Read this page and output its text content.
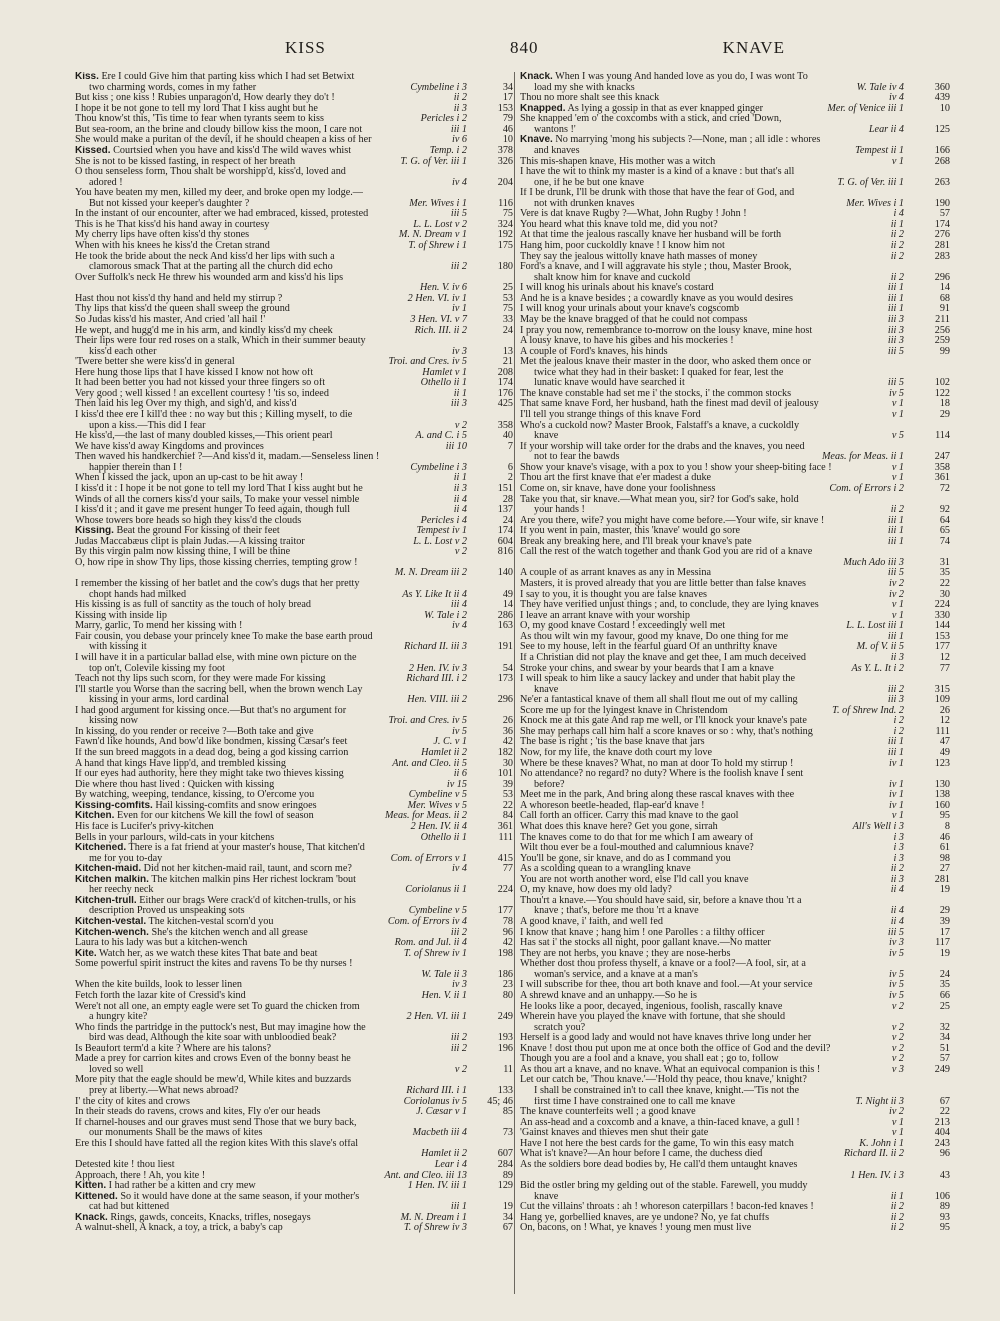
KISS	840	KNAVE
Kiss. Ere I could Give him that parting kiss which I had set Betwixt
two charming words, comes in my father	Cymbeline i 3	34
But kiss ; one kiss ! Rubies unparagon'd, How dearly they do't !	ii 2	17
I hope it be not gone to tell my lord That I kiss aught but he	ii 3	153
Thou know'st this, 'Tis time to fear when tyrants seem to kiss	Pericles i 2	79
But sea-room, an the brine and cloudy billow kiss the moon, I care not	iii 1	46
She would make a puritan of the devil, if he should cheapen a kiss of her	iv 6	10
Kissed. Courtsied when you have and kiss'd The wild waves whist	Temp. i 2	378
She is not to be kissed fasting, in respect of her breath	T. G. of Ver. iii 1	326
O thou senseless form, Thou shalt be worshipp'd, kiss'd, loved and
adored !	iv 4	204
You have beaten my men, killed my deer, and broke open my lodge.—
But not kissed your keeper's daughter ?	Mer. Wives i 1	116
In the instant of our encounter, after we had embraced, kissed, protested	iii 5	75
This is he That kiss'd his hand away in courtesy	L. L. Lost v 2	324
My cherry lips have often kiss'd thy stones	M. N. Dream v 1	192
When with his knees he kiss'd the Cretan strand	T. of Shrew i 1	175
He took the bride about the neck And kiss'd her lips with such a
clamorous smack That at the parting all the church did echo	iii 2	180
Over Suffolk's neck He threw his wounded arm and kiss'd his lips
Hen. V. iv 6	25
Hast thou not kiss'd thy hand and held my stirrup ?	2 Hen. VI. iv 1	53
Thy lips that kiss'd the queen shall sweep the ground	iv 1	75
So Judas kiss'd his master, And cried 'all hail !'	3 Hen. VI. v 7	33
He wept, and hugg'd me in his arm, and kindly kiss'd my cheek	Rich. III. ii 2	24
Their lips were four red roses on a stalk, Which in their summer beauty
kiss'd each other	iv 3	13
'Twere better she were kiss'd in general	Troi. and Cres. iv 5	21
Here hung those lips that I have kissed I know not how oft	Hamlet v 1	208
It had been better you had not kissed your three fingers so oft	Othello ii 1	174
Very good ; well kissed ! an excellent courtesy ! 'tis so, indeed	ii 1	176
Then laid his leg Over my thigh, and sigh'd, and kiss'd	iii 3	425
I kiss'd thee ere I kill'd thee : no way but this ; Killing myself, to die
upon a kiss.—This did I fear	v 2	358
He kiss'd,—the last of many doubled kisses,—This orient pearl	A. and C. i 5	40
We have kiss'd away Kingdoms and provinces	iii 10	7
Then waved his handkerchief ?—And kiss'd it, madam.—Senseless linen !
happier therein than I !	Cymbeline i 3	6
When I kissed the jack, upon an up-cast to be hit away !	ii 1	2
I kiss'd it : I hope it be not gone to tell my lord That I kiss aught but he	ii 3	151
Winds of all the corners kiss'd your sails, To make your vessel nimble	ii 4	28
I kiss'd it ; and it gave me present hunger To feed again, though full	ii 4	137
Whose towers bore heads so high they kiss'd the clouds	Pericles i 4	24
Kissing. Beat the ground For kissing of their feet	Tempest iv 1	174
Judas Maccabæus clipt is plain Judas.—A kissing traitor	L. L. Lost v 2	604
By this virgin palm now kissing thine, I will be thine	v 2	816
O, how ripe in show Thy lips, those kissing cherries, tempting grow !
M. N. Dream iii 2	140
I remember the kissing of her batlet and the cow's dugs that her pretty
chopt hands had milked	As Y. Like It ii 4	49
His kissing is as full of sanctity as the touch of holy bread	iii 4	14
Kissing with inside lip	W. Tale i 2	286
Marry, garlic, To mend her kissing with !	iv 4	163
Fair cousin, you debase your princely knee To make the base earth proud
with kissing it	Richard II. iii 3	191
I will have it in a particular ballad else, with mine own picture on the
top on't, Colevile kissing my foot	2 Hen. IV. iv 3	54
Teach not thy lips such scorn, for they were made For kissing	Richard III. i 2	173
I'll startle you Worse than the sacring bell, when the brown wench Lay
kissing in your arms, lord cardinal	Hen. VIII. iii 2	296
I had good argument for kissing once.—But that's no argument for
kissing now	Troi. and Cres. iv 5	26
In kissing, do you render or receive ?—Both take and give	iv 5	36
Fawn'd like hounds, And bow'd like bondmen, kissing Cæsar's feet	J. C. v 1	42
If the sun breed maggots in a dead dog, being a god kissing carrion	Hamlet ii 2	182
A hand that kings Have lipp'd, and trembled kissing	Ant. and Cleo. ii 5	30
If our eyes had authority, here they might take two thieves kissing	ii 6	101
Die where thou hast lived : Quicken with kissing	iv 15	39
By watching, weeping, tendance, kissing, to O'ercome you	Cymbeline v 5	53
Kissing-comfits. Hail kissing-comfits and snow eringoes	Mer. Wives v 5	22
Kitchen. Even for our kitchens We kill the fowl of season	Meas. for Meas. ii 2	84
His face is Lucifer's privy-kitchen	2 Hen. IV. ii 4	361
Bells in your parlours, wild-cats in your kitchens	Othello ii 1	111
Kitchened. There is a fat friend at your master's house, That kitchen'd
me for you to-day	Com. of Errors v 1	415
Kitchen-maid. Did not her kitchen-maid rail, taunt, and scorn me?	iv 4	77
Kitchen malkin. The kitchen malkin pins Her richest lockram 'bout
her reechy neck	Coriolanus ii 1	224
Kitchen-trull. Either our brags Were crack'd of kitchen-trulls, or his
description Proved us unspeaking sots	Cymbeline v 5	177
Kitchen-vestal. The kitchen-vestal scorn'd you	Com. of Errors iv 4	78
Kitchen-wench. She's the kitchen wench and all grease	iii 2	96
Laura to his lady was but a kitchen-wench	Rom. and Jul. ii 4	42
Kite. Watch her, as we watch these kites That bate and beat	T. of Shrew iv 1	198
Some powerful spirit instruct the kites and ravens To be thy nurses !
W. Tale ii 3	186
When the kite builds, look to lesser linen	iv 3	23
Fetch forth the lazar kite of Cressid's kind	Hen. V. ii 1	80
Were't not all one, an empty eagle were set To guard the chicken from
a hungry kite?	2 Hen. VI. iii 1	249
Who finds the partridge in the puttock's nest, But may imagine how the
bird was dead, Although the kite soar with unbloodied beak?	iii 2	193
Is Beaufort term'd a kite ? Where are his talons?	iii 2	196
Made a prey for carrion kites and crows Even of the bonny beast he
loved so well	v 2	11
More pity that the eagle should be mew'd, While kites and buzzards
prey at liberty.—What news abroad?	Richard III. i 1	133
I' the city of kites and crows	Coriolanus iv 5	45; 46
In their steads do ravens, crows and kites, Fly o'er our heads	J. Cæsar v 1	85
If charnel-houses and our graves must send Those that we bury back,
our monuments Shall be the maws of kites	Macbeth iii 4	73
Ere this I should have fatted all the region kites With this slave's offal
Hamlet ii 2	607
Detested kite ! thou liest	Lear i 4	284
Approach, there ! Ah, you kite !	Ant. and Cleo. iii 13	89
Kitten. I had rather be a kitten and cry mew	1 Hen. IV. iii 1	129
Kittened. So it would have done at the same season, if your mother's
cat had but kittened	iii 1	19
Knack. Rings, gawds, conceits, Knacks, trifles, nosegays	M. N. Dream i 1	34
A walnut-shell, A knack, a toy, a trick, a baby's cap	T. of Shrew iv 3	67
Knack. When I was young And handed love as you do, I was wont To
load my she with knacks	W. Tale iv 4	360
Thou no more shalt see this knack	iv 4	439
Knapped. As lying a gossip in that as ever knapped ginger	Mer. of Venice iii 1	10
She knapped 'em o' the coxcombs with a stick, and cried 'Down,
wantons !'	Lear ii 4	125
Knave. No marrying 'mong his subjects ?—None, man ; all idle : whores
and knaves	Tempest ii 1	166
This mis-shapen knave, His mother was a witch	v 1	268
I have the wit to think my master is a kind of a knave : but that's all
one, if he be but one knave	T. G. of Ver. iii 1	263
If I be drunk, I'll be drunk with those that have the fear of God, and
not with drunken knaves	Mer. Wives i 1	190
Vere is dat knave Rugby ?—What, John Rugby ! John !	i 4	57
You heard what this knave told me, did you not?	ii 1	174
At that time the jealous rascally knave her husband will be forth	ii 2	276
Hang him, poor cuckoldly knave ! I know him not	ii 2	281
They say the jealous wittolly knave hath masses of money	ii 2	283
Ford's a knave, and I will aggravate his style ; thou, Master Brook,
shalt know him for knave and cuckold	ii 2	296
I will knog his urinals about his knave's costard	iii 1	14
And he is a knave besides ; a cowardly knave as you would desires	iii 1	68
I will knog your urinals about your knave's cogscomb	iii 1	91
May be the knave bragged of that he could not compass	iii 3	211
I pray you now, remembrance to-morrow on the lousy knave, mine host	iii 3	256
A lousy knave, to have his gibes and his mockeries !	iii 3	259
A couple of Ford's knaves, his hinds	iii 5	99
Met the jealous knave their master in the door, who asked them once or
twice what they had in their basket: I quaked for fear, lest the
lunatic knave would have searched it	iii 5	102
The knave constable had set me i' the stocks, i' the common stocks	iv 5	122
That same knave Ford, her husband, hath the finest mad devil of jealousy	v 1	18
I'll tell you strange things of this knave Ford	v 1	29
Who's a cuckold now? Master Brook, Falstaff's a knave, a cuckoldly
knave	v 5	114
If your worship will take order for the drabs and the knaves, you need
not to fear the bawds	Meas. for Meas. ii 1	247
Show your knave's visage, with a pox to you ! show your sheep-biting face !	v 1	358
Thou art the first knave that e'er madest a duke	v 1	361
Come on, sir knave, have done your foolishness	Com. of Errors i 2	72
Take you that, sir knave.—What mean you, sir? for God's sake, hold
your hands !	ii 2	92
Are you there, wife? you might have come before.—Your wife, sir knave !	iii 1	64
If you went in pain, master, this 'knave' would go sore	iii 1	65
Break any breaking here, and I'll break your knave's pate	iii 1	74
Call the rest of the watch together and thank God you are rid of a knave
Much Ado iii 3	31
A couple of as arrant knaves as any in Messina	iii 5	35
Masters, it is proved already that you are little better than false knaves	iv 2	22
I say to you, it is thought you are false knaves	iv 2	30
They have verified unjust things ; and, to conclude, they are lying knaves	v 1	224
I leave an arrant knave with your worship	v 1	330
O, my good knave Costard ! exceedingly well met	L. L. Lost iii 1	144
As thou wilt win my favour, good my knave, Do one thing for me	iii 1	153
See to my house, left in the fearful guard Of an unthrifty knave	M. of V. ii 5	177
If a Christian did not play the knave and get thee, I am much deceived	ii 3	12
Stroke your chins, and swear by your beards that I am a knave	As Y. L. It i 2	77
I will speak to him like a saucy lackey and under that habit play the
knave	iii 2	315
Ne'er a fantastical knave of them all shall flout me out of my calling	iii 3	109
Score me up for the lyingest knave in Christendom	T. of Shrew Ind. 2	26
Knock me at this gate And rap me well, or I'll knock your knave's pate	i 2	12
She may perhaps call him half a score knaves or so : why, that's nothing	i 2	111
The base is right ; 'tis the base knave that jars	iii 1	47
Now, for my life, the knave doth court my love	iii 1	49
Where be these knaves? What, no man at door To hold my stirrup !	iv 1	123
No attendance? no regard? no duty? Where is the foolish knave I sent
before?	iv 1	130
Meet me in the park, And bring along these rascal knaves with thee	iv 1	138
A whoreson beetle-headed, flap-ear'd knave !	iv 1	160
Call forth an officer. Carry this mad knave to the gaol	v 1	95
What does this knave here? Get you gone, sirrah	All's Well i 3	8
The knaves come to do that for me which I am aweary of	i 3	46
Wilt thou ever be a foul-mouthed and calumnious knave?	i 3	61
You'll be gone, sir knave, and do as I command you	i 3	98
As a scolding quean to a wrangling knave	ii 2	27
You are not worth another word, else I'ld call you knave	ii 3	281
O, my knave, how does my old lady?	ii 4	19
Thou'rt a knave.—You should have said, sir, before a knave thou 'rt a
knave ; that's, before me thou 'rt a knave	ii 4	29
A good knave, i' faith, and well fed	ii 4	39
I know that knave ; hang him ! one Parolles : a filthy officer	iii 5	17
Has sat i' the stocks all night, poor gallant knave.—No matter	iv 3	117
They are not herbs, you knave ; they are nose-herbs	iv 5	19
Whether dost thou profess thyself, a knave or a fool?—A fool, sir, at a
woman's service, and a knave at a man's	iv 5	24
I will subscribe for thee, thou art both knave and fool.—At your service	iv 5	35
A shrewd knave and an unhappy.—So he is	iv 5	66
He looks like a poor, decayed, ingenious, foolish, rascally knave	v 2	25
Wherein have you played the knave with fortune, that she should
scratch you?	v 2	32
Herself is a good lady and would not have knaves thrive long under her	v 2	34
Knave ! dost thou put upon me at once both the office of God and the devil?	v 2	51
Though you are a fool and a knave, you shall eat ; go to, follow	v 2	57
As thou art a knave, and no knave. What an equivocal companion is this !	v 3	249
Let our catch be, 'Thou knave.'—'Hold thy peace, thou knave,' knight?
I shall be constrained in't to call thee knave, knight.—'Tis not the
first time I have constrained one to call me knave	T. Night ii 3	67
The knave counterfeits well ; a good knave	iv 2	22
An ass-head and a coxcomb and a knave, a thin-faced knave, a gull !	v 1	213
'Gainst knaves and thieves men shut their gate	v 1	404
Have I not here the best cards for the game, To win this easy match	K. John i 1	243
What is't knave?—An hour before I came, the duchess died	Richard II. ii 2	96
As the soldiers bore dead bodies by, He call'd them untaught knaves
1 Hen. IV. i 3	43
Bid the ostler bring my gelding out of the stable. Farewell, you muddy
knave	ii 1	106
Cut the villains' throats : ah ! whoreson caterpillars ! bacon-fed knaves !	ii 2	89
Hang ye, gorbellied knaves, are ye undone? No, ye fat chuffs	ii 2	93
On, bacons, on ! What, ye knaves ! young men must live	ii 2	95
